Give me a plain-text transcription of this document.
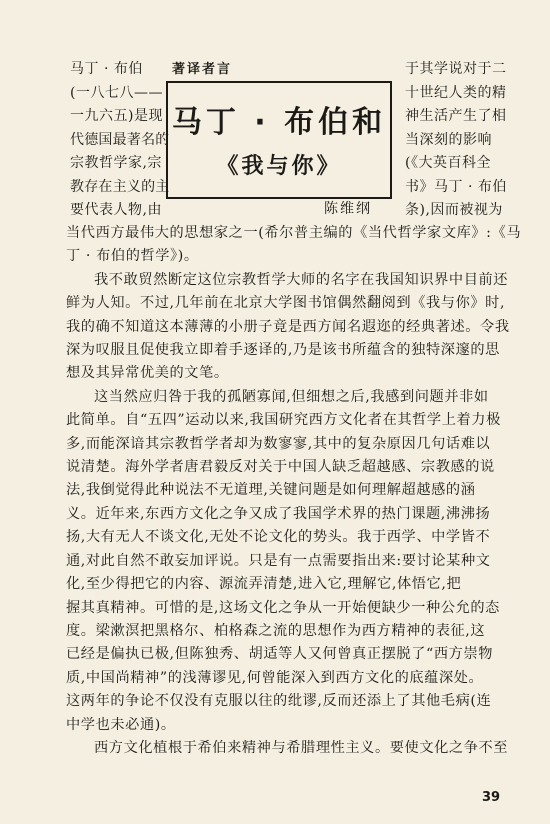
马丁 · 布伯
(一八七八——
一九六五)是现
代德国最著名的
宗教哲学家,宗
教存在主义的主
要代表人物,由
著译者言
马丁 · 布伯和
《我与你》
陈维纲
于其学说对于二
十世纪人类的精
神生活产生了相
当深刻的影响
(《大英百科全
书》马丁 · 布伯
条),因而被视为
当代西方最伟大的思想家之一(希尔普主编的《当代哲学家文库》:《马
丁 · 布伯的哲学》)。
我不敢贸然断定这位宗教哲学大师的名字在我国知识界中目前还
鲜为人知。不过,几年前在北京大学图书馆偶然翻阅到《我与你》时,
我的确不知道这本薄薄的小册子竟是西方闻名遐迩的经典著述。令我
深为叹服且促使我立即着手逐译的,乃是该书所蕴含的独特深邃的思
想及其异常优美的文笔。
这当然应归咎于我的孤陋寡闻,但细想之后,我感到问题并非如
此简单。自“五四”运动以来,我国研究西方文化者在其哲学上着力极
多,而能深谙其宗教哲学者却为数寥寥,其中的复杂原因几句话难以
说清楚。海外学者唐君毅反对关于中国人缺乏超越感、宗教感的说
法,我倒觉得此种说法不无道理,关键问题是如何理解超越感的涵
义。近年来,东西方文化之争又成了我国学术界的热门课题,沸沸扬
扬,大有无人不谈文化,无处不论文化的势头。我于西学、中学皆不
通,对此自然不敢妄加评说。只是有一点需要指出来:要讨论某种文
化,至少得把它的内容、源流弄清楚,进入它,理解它,体悟它,把
握其真精神。可惜的是,这场文化之争从一开始便缺少一种公允的态
度。梁漱溟把黑格尔、柏格森之流的思想作为西方精神的表征,这
已经是偏执已极,但陈独秀、胡适等人又何曾真正摆脱了“西方崇物
质,中国尚精神”的浅薄谬见,何曾能深入到西方文化的底蕴深处。
这两年的争论不仅没有克服以往的纰谬,反而还添上了其他毛病(连
中学也未必通)。
西方文化植根于希伯来精神与希腊理性主义。要使文化之争不至
39
